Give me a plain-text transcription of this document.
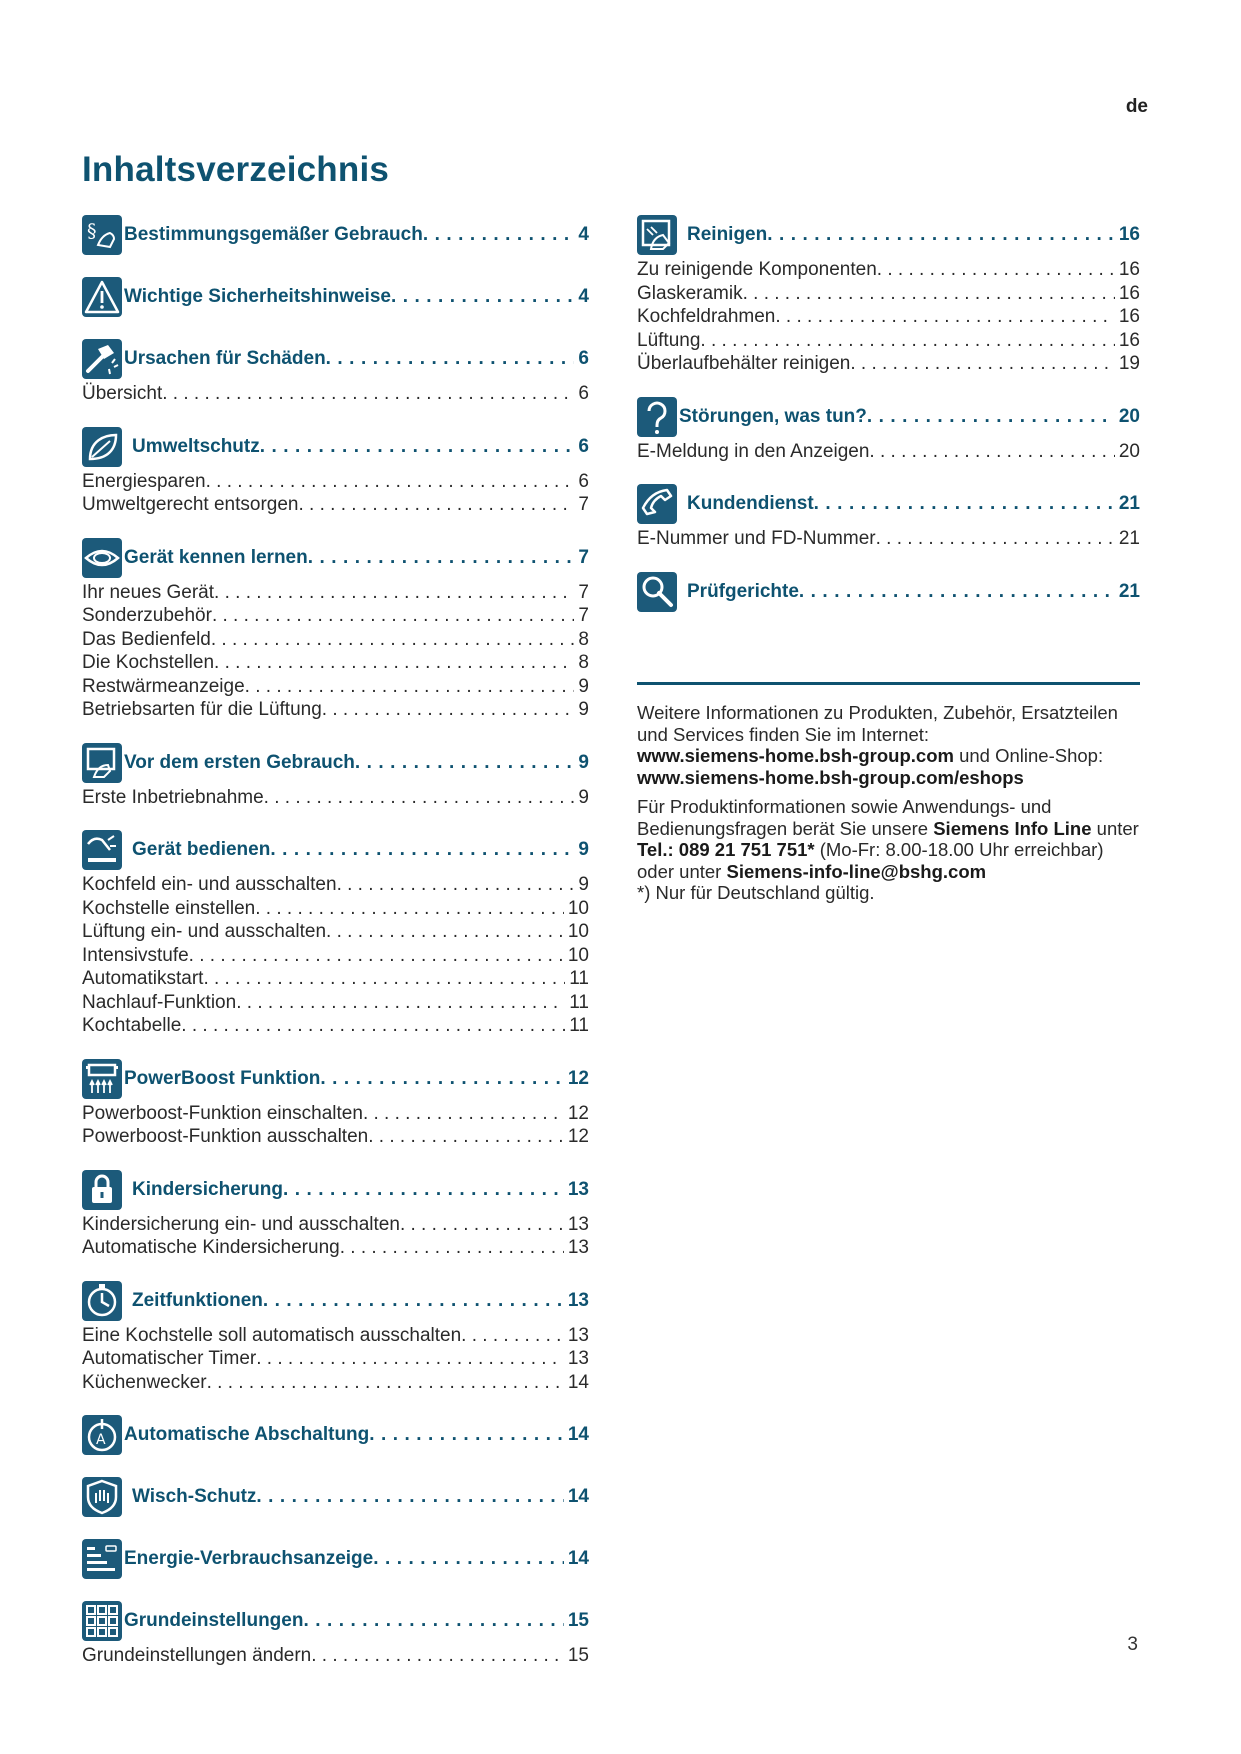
de
Inhaltsverzeichnis
§ Bestimmungsgemäßer Gebrauch . . .	4
Wichtige Sicherheitshinweise . . .	4
Ursachen für Schäden . . .	6
Übersicht . . .	6
Umweltschutz . . .	6
Energiesparen . . .	6
Umweltgerecht entsorgen . . .	7
Gerät kennen lernen . . .	7
Ihr neues Gerät . . .	7
Sonderzubehör . . .	7
Das Bedienfeld . . .	8
Die Kochstellen . . .	8
Restwärmeanzeige . . .	9
Betriebsarten für die Lüftung . . .	9
Vor dem ersten Gebrauch . . .	9
Erste Inbetriebnahme . . .	9
Gerät bedienen . . .	9
Kochfeld ein- und ausschalten . . .	9
Kochstelle einstellen . . .	10
Lüftung ein- und ausschalten . . .	10
Intensivstufe . . .	10
Automatikstart . . .	11
Nachlauf-Funktion . . .	11
Kochtabelle . . .	11
PowerBoost Funktion . . .	12
Powerboost-Funktion einschalten . . .	12
Powerboost-Funktion ausschalten . . .	12
Kindersicherung . . .	13
Kindersicherung ein- und ausschalten . . .	13
Automatische Kindersicherung . . .	13
Zeitfunktionen . . .	13
Eine Kochstelle soll automatisch ausschalten . . .	13
Automatischer Timer . . .	13
Küchenwecker . . .	14
A Automatische Abschaltung . . .	14
Wisch-Schutz . . .	14
Energie-Verbrauchsanzeige . . .	14
Grundeinstellungen . . .	15
Grundeinstellungen ändern . . .	15
Reinigen . . .	16
Zu reinigende Komponenten . . .	16
Glaskeramik . . .	16
Kochfeldrahmen . . .	16
Lüftung . . .	16
Überlaufbehälter reinigen . . .	19
Störungen, was tun? . . .	20
E-Meldung in den Anzeigen . . .	20
Kundendienst . . .	21
E-Nummer und FD-Nummer . . .	21
Prüfgerichte . . .	21

Weitere Informationen zu Produkten, Zubehör, Ersatzteilen und Services finden Sie im Internet:
www.siemens-home.bsh-group.com und Online-Shop:
www.siemens-home.bsh-group.com/eshops

Für Produktinformationen sowie Anwendungs- und Bedienungsfragen berät Sie unsere Siemens Info Line unter Tel.: 089 21 751 751* (Mo-Fr: 8.00-18.00 Uhr erreichbar) oder unter Siemens-info-line@bshg.com
*) Nur für Deutschland gültig.

3
